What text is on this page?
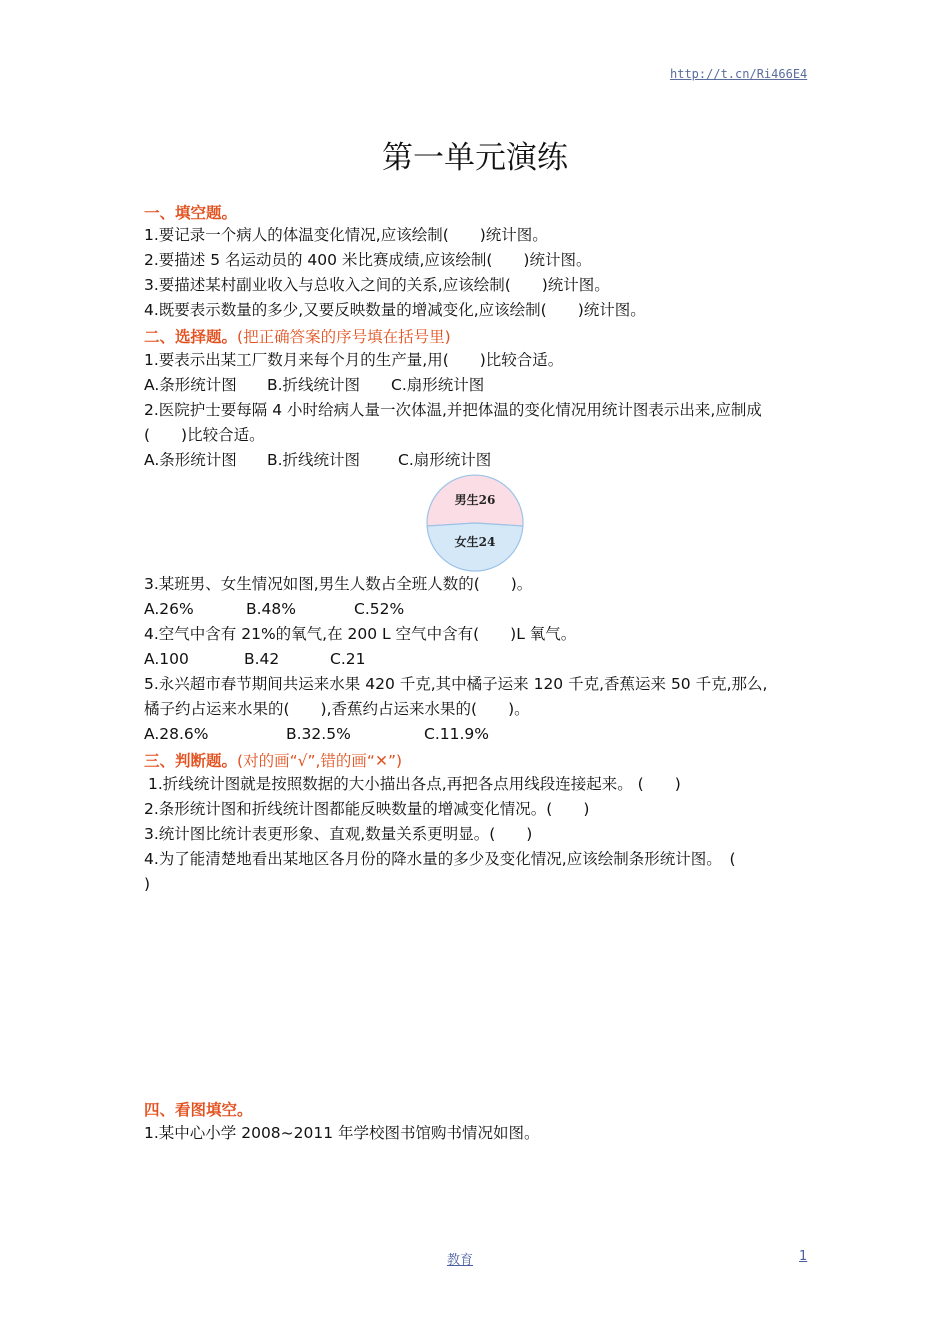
http://t.cn/Ri466E4
第一单元演练
一、填空题。
1.要记录一个病人的体温变化情况,应该绘制(　　)统计图。
2.要描述 5 名运动员的 400 米比赛成绩,应该绘制(　　)统计图。
3.要描述某村副业收入与总收入之间的关系,应该绘制(　　)统计图。
4.既要表示数量的多少,又要反映数量的增减变化,应该绘制(　　)统计图。
二、选择题。(把正确答案的序号填在括号里)
1.要表示出某工厂数月来每个月的生产量,用(　　)比较合适。
A.条形统计图 B.折线统计图 C.扇形统计图
2.医院护士要每隔 4 小时给病人量一次体温,并把体温的变化情况用统计图表示出来,应制成
(　　)比较合适。
A.条形统计图 B.折线统计图 C.扇形统计图
男生26
女生24
3.某班男、女生情况如图,男生人数占全班人数的(　　)。
A.26%	B.48%	C.52%
4.空气中含有 21%的氧气,在 200 L 空气中含有(　　)L 氧气。
A.100	B.42	C.21
5.永兴超市春节期间共运来水果 420 千克,其中橘子运来 120 千克,香蕉运来 50 千克,那么,
橘子约占运来水果的(　　),香蕉约占运来水果的(　　)。
A.28.6%	B.32.5%	C.11.9%
三、判断题。(对的画“√”,错的画“✕”)
1.折线统计图就是按照数据的大小描出各点,再把各点用线段连接起来。 (　　)
2.条形统计图和折线统计图都能反映数量的增减变化情况。(　　)
3.统计图比统计表更形象、直观,数量关系更明显。(　　)
4.为了能清楚地看出某地区各月份的降水量的多少及变化情况,应该绘制条形统计图。　(
)
四、看图填空。
1.某中心小学 2008~2011 年学校图书馆购书情况如图。
教育	1
